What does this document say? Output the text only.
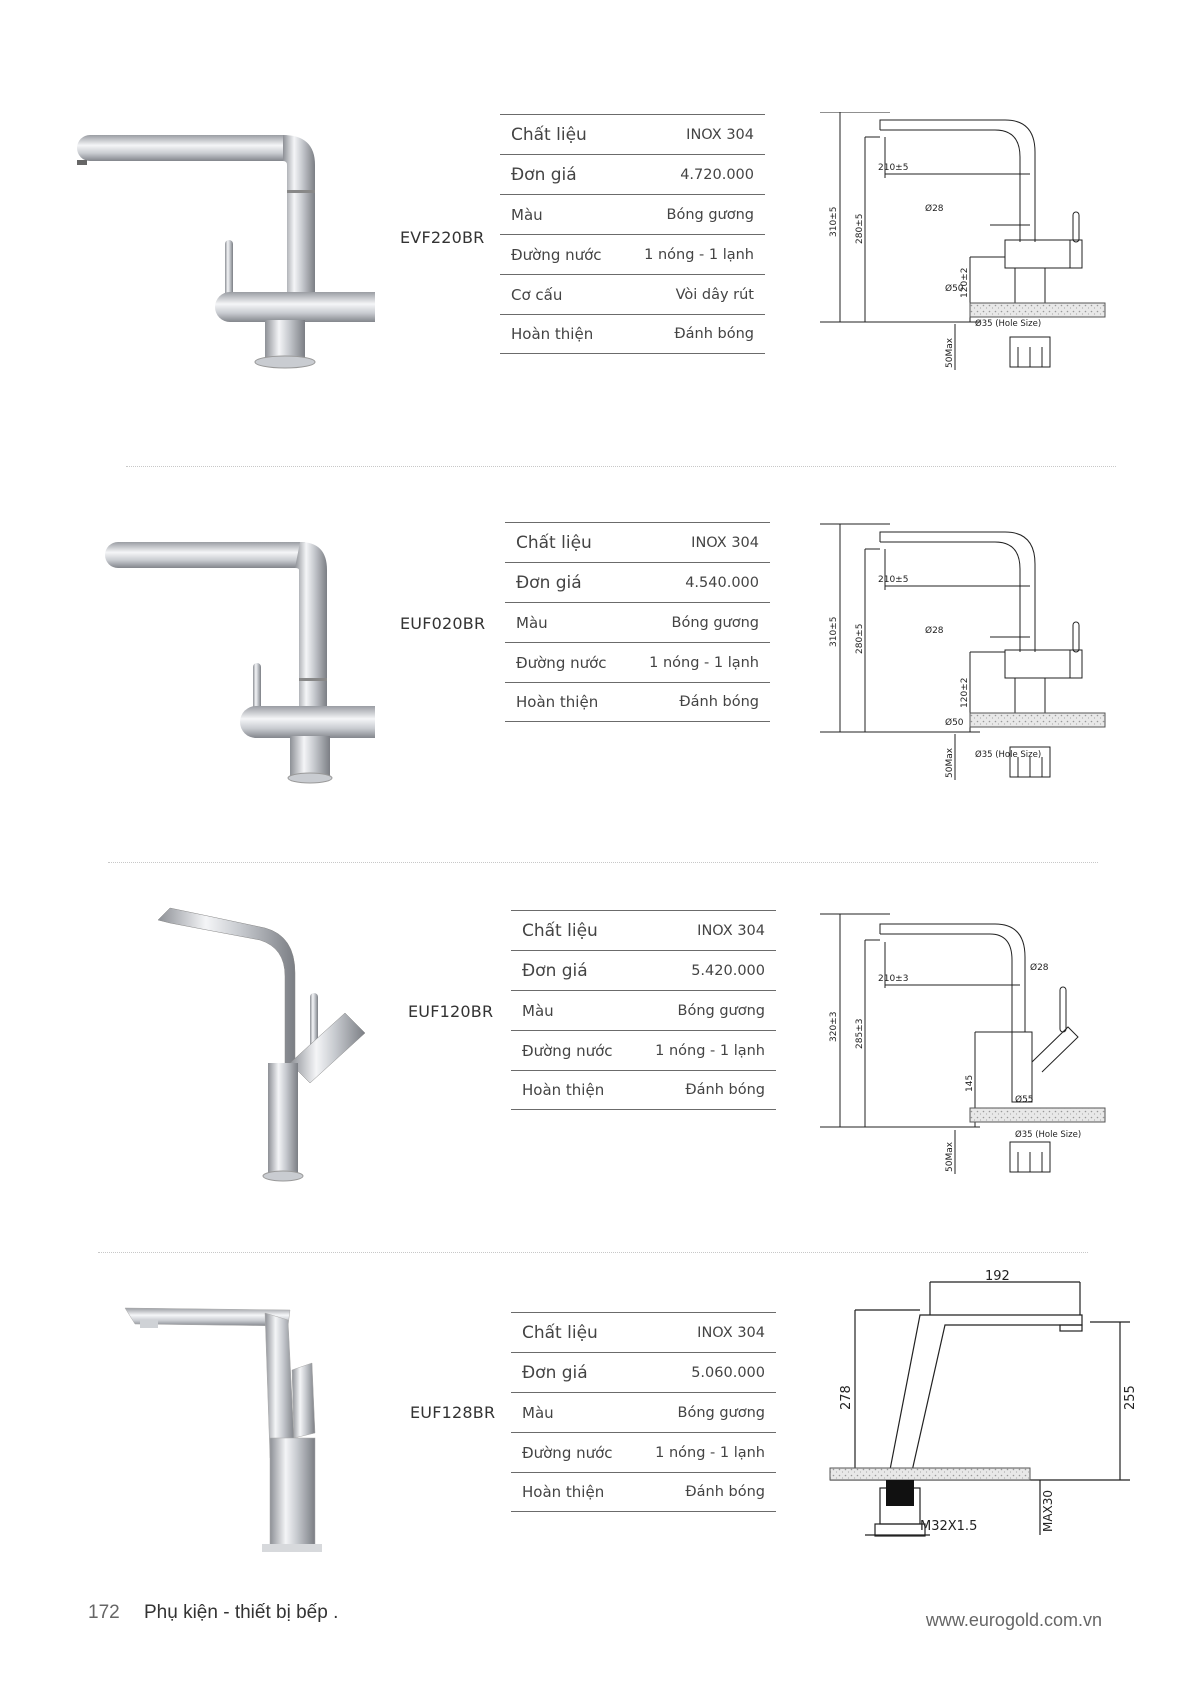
EVF220BR
Chất liệu	INOX 304
Đơn giá	4.720.000
Màu	Bóng gương
Đường nước	1 nóng - 1 lạnh
Cơ cấu	Vòi dây rút
Hoàn thiện	Đánh bóng
210±5
Ø28
Ø50
Ø35 (Hole Size)
310±5 280±5
120±2
50Max
EUF020BR
Chất liệu	INOX 304
Đơn giá	4.540.000
Màu	Bóng gương
Đường nước	1 nóng - 1 lạnh
Hoàn thiện	Đánh bóng
210±5
Ø28
Ø50
Ø35 (Hole Size)
310±5 280±5
120±2
50Max
EUF120BR
Chất liệu	INOX 304
Đơn giá	5.420.000
Màu	Bóng gương
Đường nước	1 nóng - 1 lạnh
Hoàn thiện	Đánh bóng
210±3
Ø28
Ø55
Ø35 (Hole Size)
320±3 285±3
145
50Max
EUF128BR
Chất liệu	INOX 304
Đơn giá	5.060.000
Màu	Bóng gương
Đường nước	1 nóng - 1 lạnh
Hoàn thiện	Đánh bóng
192
M32X1.5
278	255
MAX30
172 Phụ kiện - thiết bị bếp .	www.eurogold.com.vn
